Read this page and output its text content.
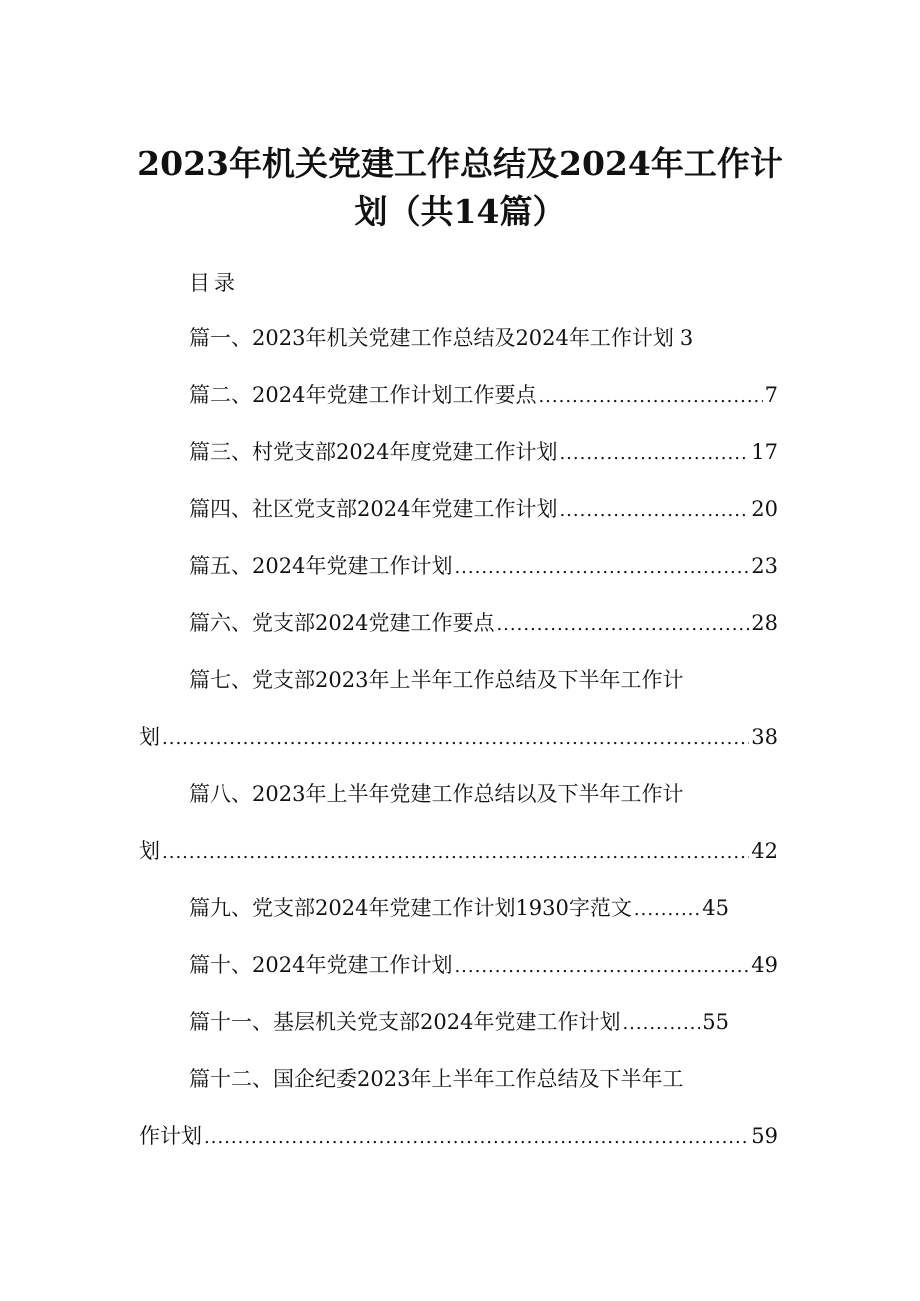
2023年机关党建工作总结及2024年工作计
划（共14篇）
目录
篇一、2023年机关党建工作总结及2024年工作计划 3
篇二、2024年党建工作计划工作要点 .....	7
篇三、村党支部2024年度党建工作计划 .....	17
篇四、社区党支部2024年党建工作计划 .....	20
篇五、2024年党建工作计划 .....	23
篇六、党支部2024党建工作要点 .....	28
篇七、党支部2023年上半年工作总结及下半年工作计
划 .....	38
篇八、2023年上半年党建工作总结以及下半年工作计
划 .....	42
篇九、党支部2024年党建工作计划1930字范文 .....	45
篇十、2024年党建工作计划 .....	49
篇十一、基层机关党支部2024年党建工作计划 .....	55
篇十二、国企纪委2023年上半年工作总结及下半年工
作计划 .....	59
